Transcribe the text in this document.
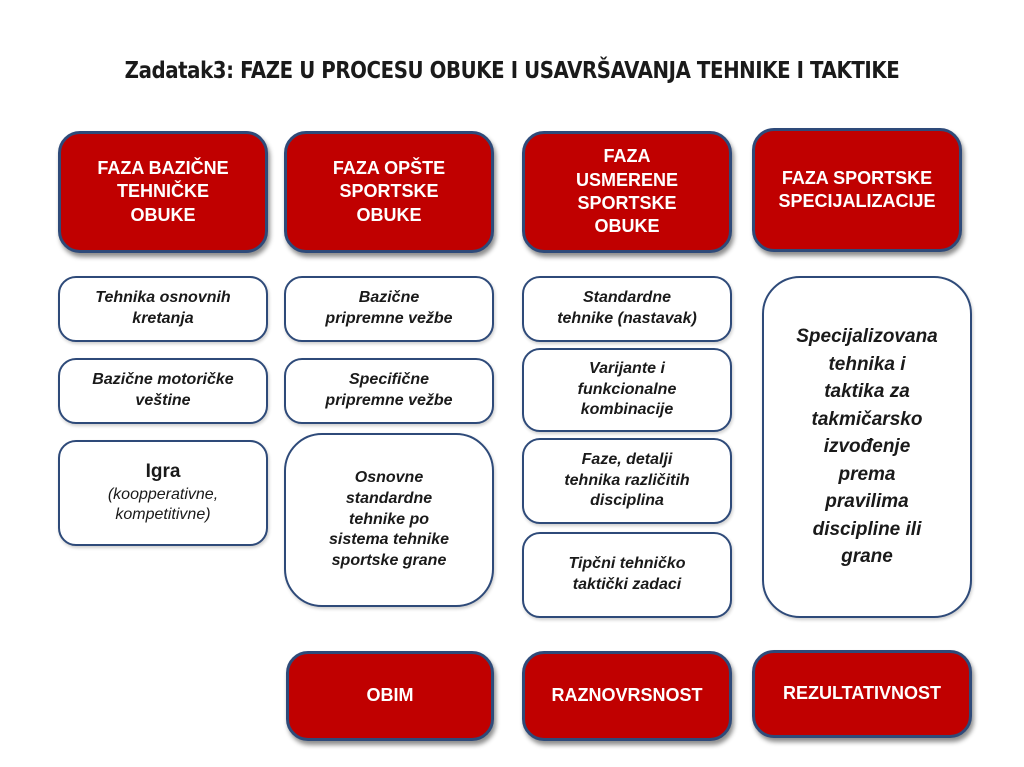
Zadatak3: FAZE U PROCESU OBUKE I USAVRŠAVANJA TEHNIKE I TAKTIKE
FAZA BAZIČNE
TEHNIČKE
OBUKE
Tehnika osnovnih
kretanja
Bazične motoričke
veštine
Igra
(koopperativne,
kompetitivne)
FAZA OPŠTE
SPORTSKE
OBUKE
Bazične
pripremne vežbe
Specifične
pripremne vežbe
Osnovne
standardne
tehnike po
sistema tehnike
sportske grane
OBIM
FAZA
USMERENE
SPORTSKE
OBUKE
Standardne
tehnike (nastavak)
Varijante i
funkcionalne
kombinacije
Faze, detalji
tehnika različitih
disciplina
Tipčni tehničko
taktički zadaci
RAZNOVRSNOST
FAZA SPORTSKE
SPECIJALIZACIJE
Specijalizovana
tehnika i
taktika za
takmičarsko
izvođenje
prema
pravilima
discipline ili
grane
REZULTATIVNOST
